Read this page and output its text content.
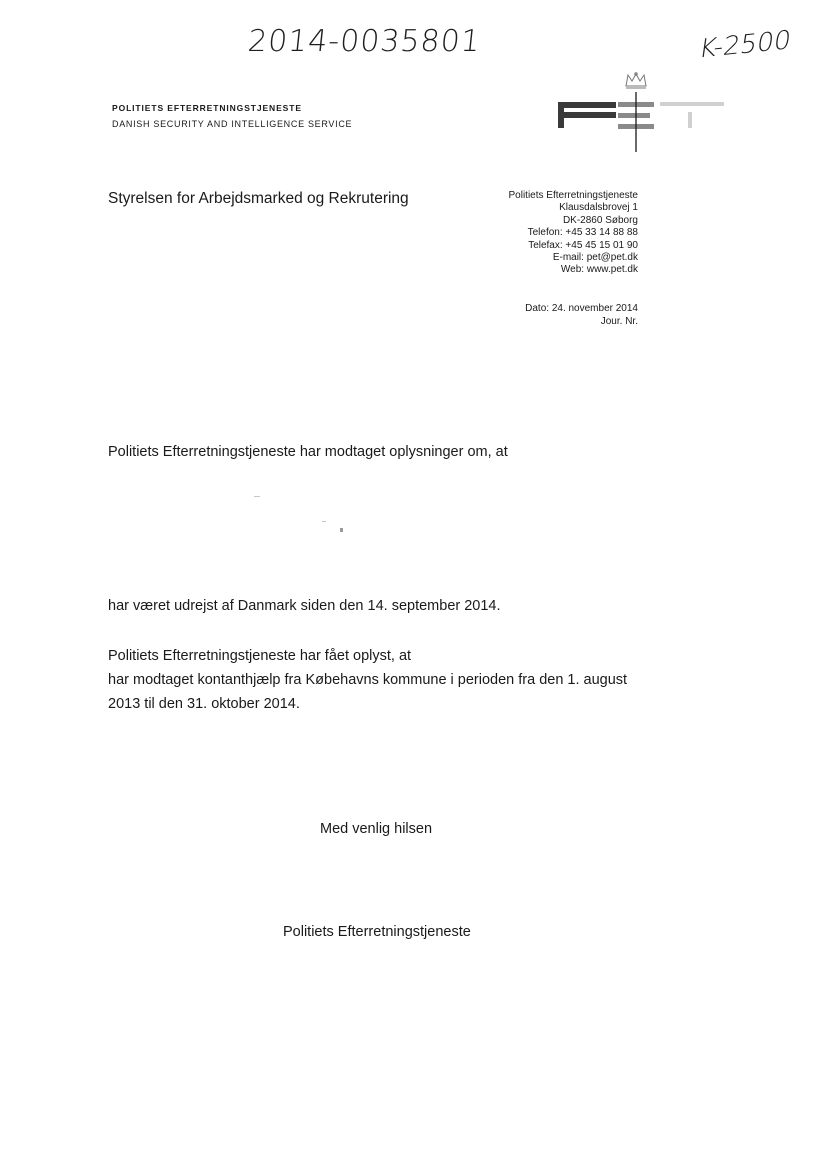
2014-0035801	K-2500
POLITIETS EFTERRETNINGSTJENESTE
DANISH SECURITY AND INTELLIGENCE SERVICE
Styrelsen for Arbejdsmarked og Rekrutering	Politiets Efterretningstjeneste
Klausdalsbrovej 1
DK-2860 Søborg
Telefon: +45 33 14 88 88
Telefax: +45 45 15 01 90
E-mail: pet@pet.dk
Web: www.pet.dk
Dato: 24. november 2014
Jour. Nr.
Politiets Efterretningstjeneste har modtaget oplysninger om, at
har været udrejst af Danmark siden den 14. september 2014.
Politiets Efterretningstjeneste har fået oplyst, at
har modtaget kontanthjælp fra Købehavns kommune i perioden fra den 1. august
2013 til den 31. oktober 2014.
Med venlig hilsen
Politiets Efterretningstjeneste
